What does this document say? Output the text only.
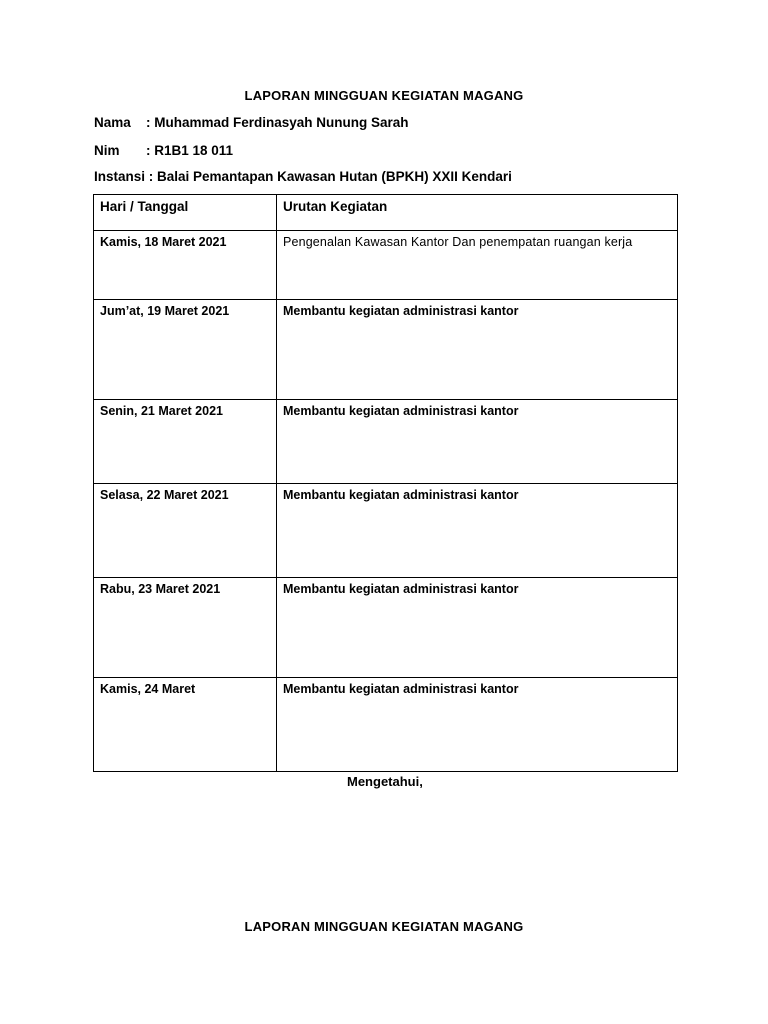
LAPORAN MINGGUAN KEGIATAN MAGANG
Nama : Muhammad Ferdinasyah Nunung Sarah
Nim : R1B1 18 011
Instansi : Balai Pemantapan Kawasan Hutan (BPKH) XXII Kendari
Hari / Tanggal	Urutan Kegiatan
Kamis, 18 Maret 2021	Pengenalan Kawasan Kantor Dan penempatan ruangan kerja
Jum’at, 19 Maret 2021	Membantu kegiatan administrasi kantor
Senin, 21 Maret 2021	Membantu kegiatan administrasi kantor
Selasa, 22 Maret 2021	Membantu kegiatan administrasi kantor
Rabu, 23 Maret 2021	Membantu kegiatan administrasi kantor
Kamis, 24 Maret	Membantu kegiatan administrasi kantor
Mengetahui,
LAPORAN MINGGUAN KEGIATAN MAGANG
